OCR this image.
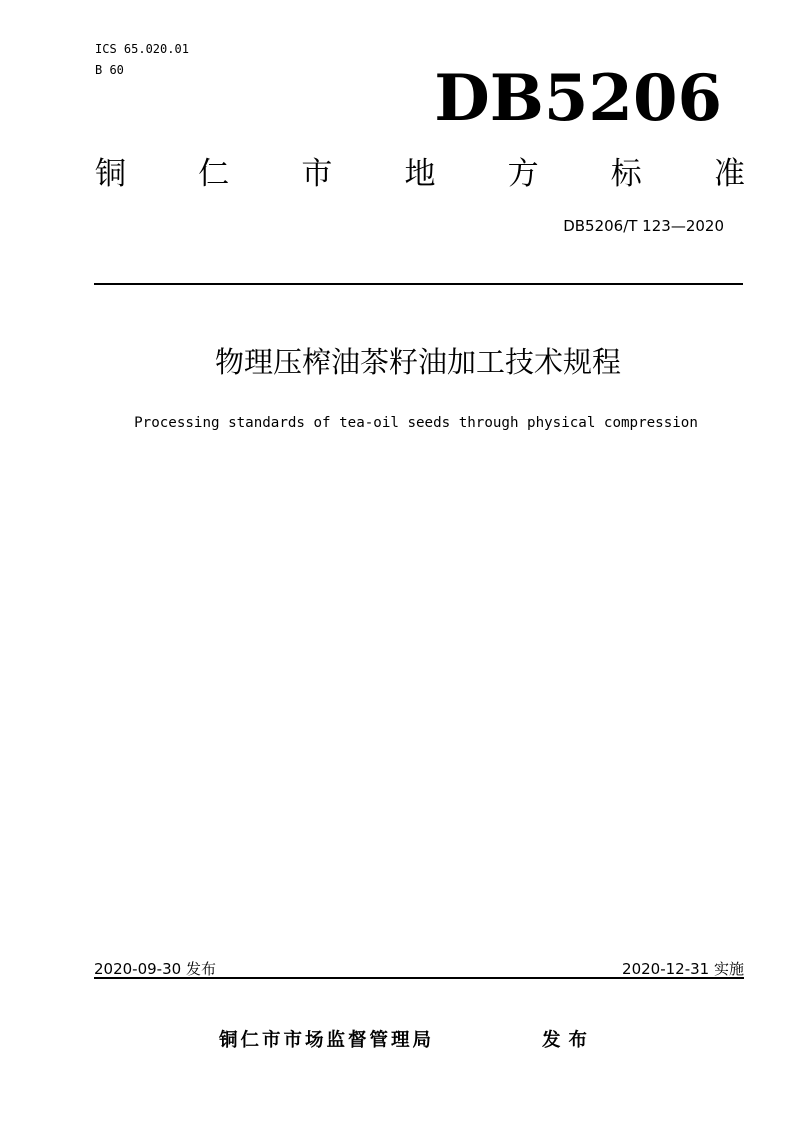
ICS 65.020.01
B 60	DB5206
铜 仁 市 地 方 标 准
DB5206/T 123—2020
物理压榨油茶籽油加工技术规程
Processing standards of tea-oil seeds through physical compression
2020-09-30 发布	2020-12-31 实施
铜仁市市场监督管理局	发布
